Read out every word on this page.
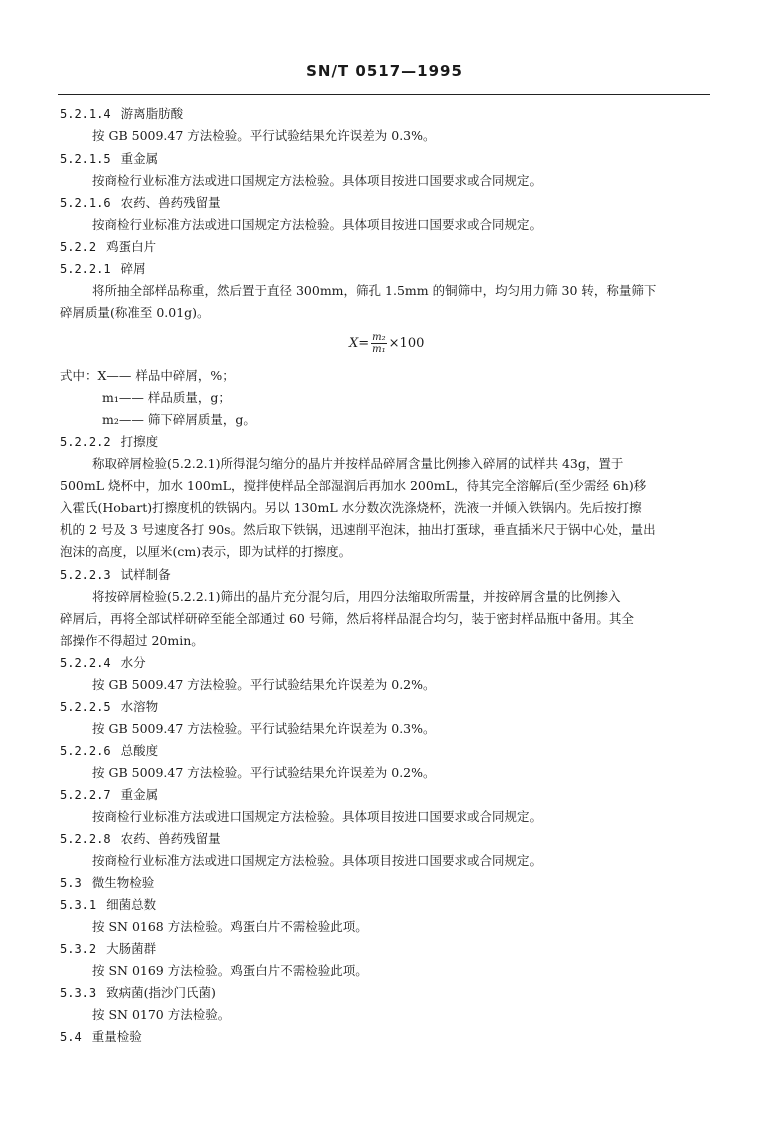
SN/T 0517—1995
5.2.1.4 游离脂肪酸
按 GB 5009.47 方法检验。平行试验结果允许误差为 0.3%。
5.2.1.5 重金属
按商检行业标准方法或进口国规定方法检验。具体项目按进口国要求或合同规定。
5.2.1.6 农药、兽药残留量
按商检行业标准方法或进口国规定方法检验。具体项目按进口国要求或合同规定。
5.2.2 鸡蛋白片
5.2.2.1 碎屑
将所抽全部样品称重，然后置于直径 300mm，筛孔 1.5mm 的铜筛中，均匀用力筛 30 转，称量筛下
碎屑质量(称准至 0.01g)。
$X= \frac{\text{m₂}}{\text{m₁}} \times 100$
式中：X—— 样品中碎屑，%；
m₁—— 样品质量，g；
m₂—— 筛下碎屑质量，g。
5.2.2.2 打擦度
称取碎屑检验(5.2.2.1)所得混匀缩分的晶片并按样品碎屑含量比例掺入碎屑的试样共 43g，置于
500mL 烧杯中，加水 100mL，搅拌使样品全部湿润后再加水 200mL，待其完全溶解后(至少需经 6h)移
入霍氏(Hobart)打擦度机的铁锅内。另以 130mL 水分数次洗涤烧杯，洗液一并倾入铁锅内。先后按打擦
机的 2 号及 3 号速度各打 90s。然后取下铁锅，迅速削平泡沫，抽出打蛋球，垂直插米尺于锅中心处，量出
泡沫的高度，以厘米(cm)表示，即为试样的打擦度。
5.2.2.3 试样制备
将按碎屑检验(5.2.2.1)筛出的晶片充分混匀后，用四分法缩取所需量，并按碎屑含量的比例掺入
碎屑后，再将全部试样研碎至能全部通过 60 号筛，然后将样品混合均匀，装于密封样品瓶中备用。其全
部操作不得超过 20min。
5.2.2.4 水分
按 GB 5009.47 方法检验。平行试验结果允许误差为 0.2%。
5.2.2.5 水溶物
按 GB 5009.47 方法检验。平行试验结果允许误差为 0.3%。
5.2.2.6 总酸度
按 GB 5009.47 方法检验。平行试验结果允许误差为 0.2%。
5.2.2.7 重金属
按商检行业标准方法或进口国规定方法检验。具体项目按进口国要求或合同规定。
5.2.2.8 农药、兽药残留量
按商检行业标准方法或进口国规定方法检验。具体项目按进口国要求或合同规定。
5.3 微生物检验
5.3.1 细菌总数
按 SN 0168 方法检验。鸡蛋白片不需检验此项。
5.3.2 大肠菌群
按 SN 0169 方法检验。鸡蛋白片不需检验此项。
5.3.3 致病菌(指沙门氏菌)
按 SN 0170 方法检验。
5.4 重量检验
